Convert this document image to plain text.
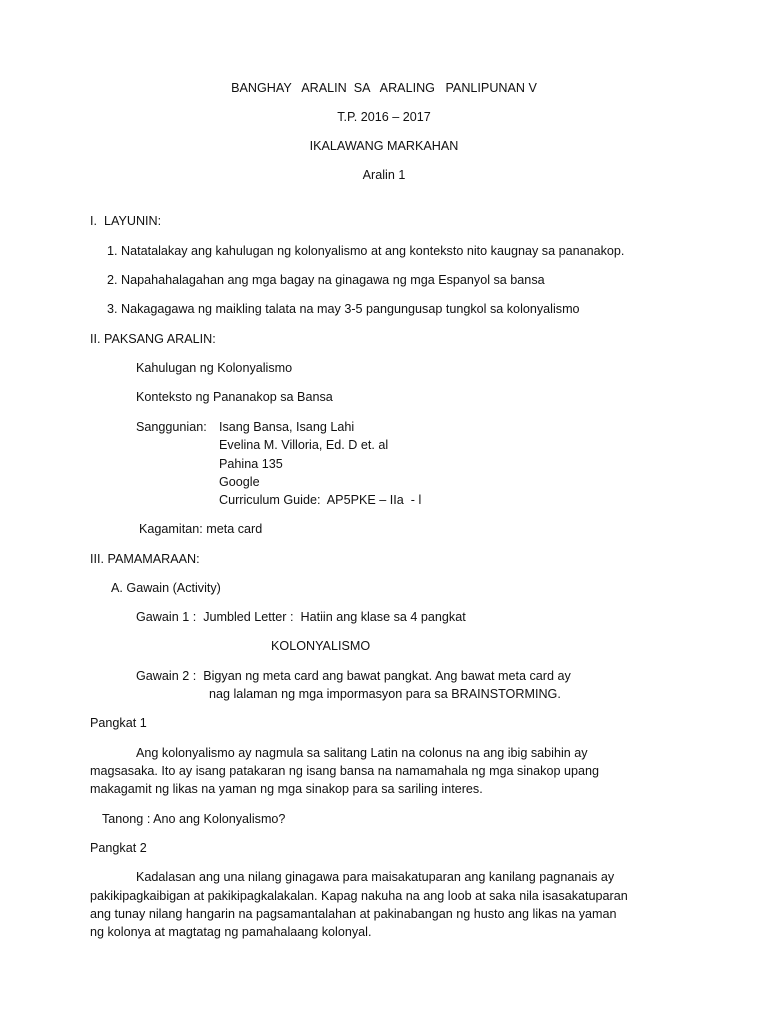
BANGHAY   ARALIN  SA   ARALING   PANLIPUNAN V
T.P. 2016 – 2017
IKALAWANG MARKAHAN
Aralin 1
I.  LAYUNIN:
1. Natatalakay ang kahulugan ng kolonyalismo at ang konteksto nito kaugnay sa pananakop.
2. Napahahalagahan ang mga bagay na ginagawa ng mga Espanyol sa bansa
3. Nakagagawa ng maikling talata na may 3-5 pangungusap tungkol sa kolonyalismo
II. PAKSANG ARALIN:
Kahulugan ng Kolonyalismo
Konteksto ng Pananakop sa Bansa
Sanggunian: Isang Bansa, Isang Lahi
Evelina M. Villoria, Ed. D et. al
Pahina 135
Google
Curriculum Guide:  AP5PKE – IIa  - l
Kagamitan: meta card
III. PAMAMARAAN:
A. Gawain (Activity)
Gawain 1 :  Jumbled Letter :  Hatiin ang klase sa 4 pangkat
KOLONYALISMO
Gawain 2 :  Bigyan ng meta card ang bawat pangkat. Ang bawat meta card ay
nag lalaman ng mga impormasyon para sa BRAINSTORMING.
Pangkat 1
Ang kolonyalismo ay nagmula sa salitang Latin na colonus na ang ibig sabihin ay
magsasaka. Ito ay isang patakaran ng isang bansa na namamahala ng mga sinakop upang
makagamit ng likas na yaman ng mga sinakop para sa sariling interes.
Tanong : Ano ang Kolonyalismo?
Pangkat 2
Kadalasan ang una nilang ginagawa para maisakatuparan ang kanilang pagnanais ay
pakikipagkaibigan at pakikipagkalakalan. Kapag nakuha na ang loob at saka nila isasakatuparan
ang tunay nilang hangarin na pagsamantalahan at pakinabangan ng husto ang likas na yaman
ng kolonya at magtatag ng pamahalaang kolonyal.
